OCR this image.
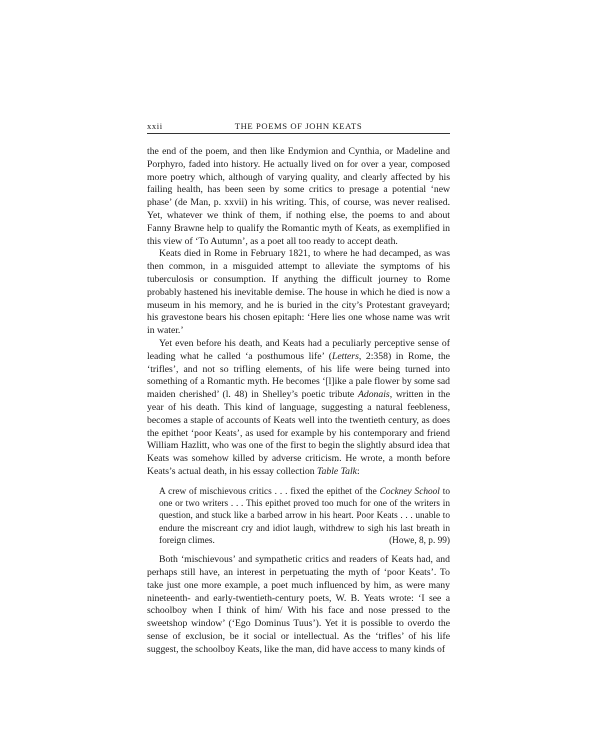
xxii	THE POEMS OF JOHN KEATS

the end of the poem, and then like Endymion and Cynthia, or Madeline and Porphyro, faded into history. He actually lived on for over a year, composed more poetry which, although of varying quality, and clearly affected by his failing health, has been seen by some critics to presage a potential ‘new phase’ (de Man, p. xxvii) in his writing. This, of course, was never realised. Yet, whatever we think of them, if nothing else, the poems to and about Fanny Brawne help to qualify the Romantic myth of Keats, as exemplified in this view of ‘To Autumn’, as a poet all too ready to accept death.

Keats died in Rome in February 1821, to where he had decamped, as was then common, in a misguided attempt to alleviate the symptoms of his tuberculosis or consumption. If anything the difficult journey to Rome probably hastened his inevitable demise. The house in which he died is now a museum in his memory, and he is buried in the city’s Protestant graveyard; his gravestone bears his chosen epitaph: ‘Here lies one whose name was writ in water.’

Yet even before his death, and Keats had a peculiarly perceptive sense of leading what he called ‘a posthumous life’ (Letters, 2:358) in Rome, the ‘trifles’, and not so trifling elements, of his life were being turned into something of a Romantic myth. He becomes ‘[l]ike a pale flower by some sad maiden cherished’ (l. 48) in Shelley’s poetic tribute Adonais, written in the year of his death. This kind of language, suggesting a natural feebleness, becomes a staple of accounts of Keats well into the twentieth century, as does the epithet ‘poor Keats’, as used for example by his contemporary and friend William Hazlitt, who was one of the first to begin the slightly absurd idea that Keats was somehow killed by adverse criticism. He wrote, a month before Keats’s actual death, in his essay collection Table Talk:

A crew of mischievous critics . . . fixed the epithet of the Cockney School to one or two writers . . . This epithet proved too much for one of the writers in question, and stuck like a barbed arrow in his heart. Poor Keats . . . unable to endure the miscreant cry and idiot laugh, withdrew to sigh his last breath in foreign climes.	(Howe, 8, p. 99)

Both ‘mischievous’ and sympathetic critics and readers of Keats had, and perhaps still have, an interest in perpetuating the myth of ‘poor Keats’. To take just one more example, a poet much influenced by him, as were many nineteenth- and early-twentieth-century poets, W. B. Yeats wrote: ‘I see a schoolboy when I think of him/ With his face and nose pressed to the sweetshop window’ (‘Ego Dominus Tuus’). Yet it is possible to overdo the sense of exclusion, be it social or intellectual. As the ‘trifles’ of his life suggest, the schoolboy Keats, like the man, did have access to many kinds of
